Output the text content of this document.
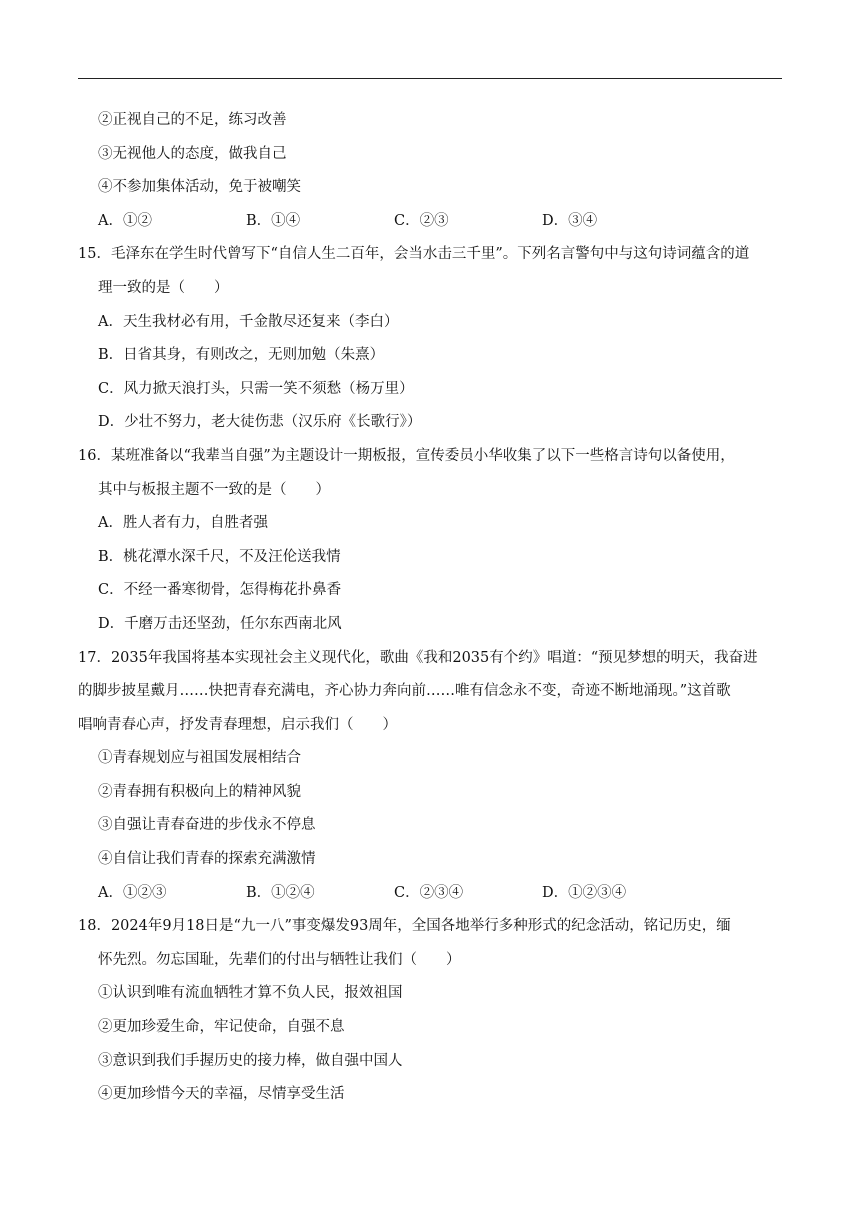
②正视自己的不足，练习改善
③无视他人的态度，做我自己
④不参加集体活动，免于被嘲笑
A．①②	B．①④	C．②③	D．③④
15．毛泽东在学生时代曾写下“自信人生二百年，会当水击三千里”。下列名言警句中与这句诗词蕴含的道
理一致的是（　　）
A．天生我材必有用，千金散尽还复来（李白）
B．日省其身，有则改之，无则加勉（朱熹）
C．风力掀天浪打头，只需一笑不须愁（杨万里）
D．少壮不努力，老大徒伤悲（汉乐府《长歌行》）
16．某班准备以“我辈当自强”为主题设计一期板报，宣传委员小华收集了以下一些格言诗句以备使用，
其中与板报主题不一致的是（　　）
A．胜人者有力，自胜者强
B．桃花潭水深千尺，不及汪伦送我情
C．不经一番寒彻骨，怎得梅花扑鼻香
D．千磨万击还坚劲，任尔东西南北风
17．2035年我国将基本实现社会主义现代化，歌曲《我和2035有个约》唱道：“预见梦想的明天，我奋进
的脚步披星戴月……快把青春充满电，齐心协力奔向前……唯有信念永不变，奇迹不断地涌现。”这首歌
唱响青春心声，抒发青春理想，启示我们（　　）
①青春规划应与祖国发展相结合
②青春拥有积极向上的精神风貌
③自强让青春奋进的步伐永不停息
④自信让我们青春的探索充满激情
A．①②③	B．①②④	C．②③④	D．①②③④
18．2024年9月18日是“九一八”事变爆发93周年，全国各地举行多种形式的纪念活动，铭记历史，缅
怀先烈。勿忘国耻，先辈们的付出与牺牲让我们（　　）
①认识到唯有流血牺牲才算不负人民，报效祖国
②更加珍爱生命，牢记使命，自强不息
③意识到我们手握历史的接力棒，做自强中国人
④更加珍惜今天的幸福，尽情享受生活
